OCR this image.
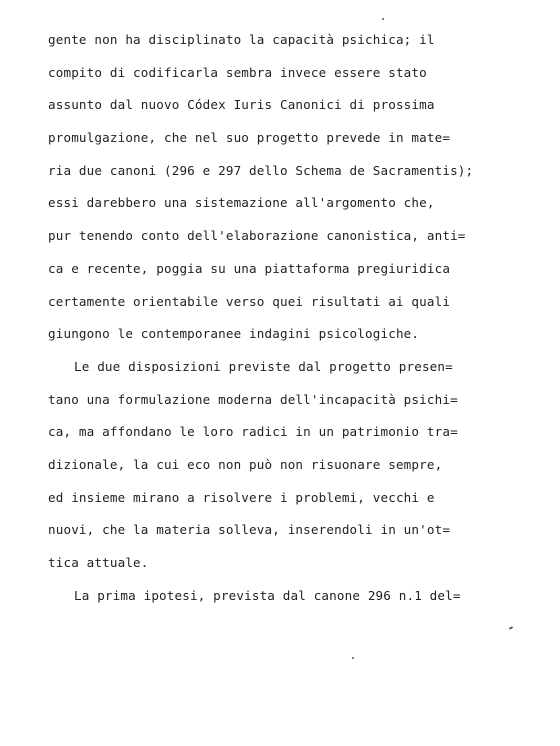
gente non ha disciplinato la capacità psichica; il
compito di codificarla sembra invece essere stato
assunto dal nuovo Códex Iuris Canonici di prossima
promulgazione, che nel suo progetto prevede in mate=
ria due canoni (296 e 297 dello Schema de Sacramentis);
essi darebbero una sistemazione all'argomento che,
pur tenendo conto dell'elaborazione canonistica, anti=
ca e recente, poggia su una piattaforma pregiuridica
certamente orientabile verso quei risultati ai quali
giungono le contemporanee indagini psicologiche.
Le due disposizioni previste dal progetto presen=
tano una formulazione moderna dell'incapacità psichi=
ca, ma affondano le loro radici in un patrimonio tra=
dizionale, la cui eco non può non risuonare sempre,
ed insieme mirano a risolvere i problemi, vecchi e
nuovi, che la materia solleva, inserendoli in un'ot=
tica attuale.
La prima ipotesi, prevista dal canone 296 n.1 del=
